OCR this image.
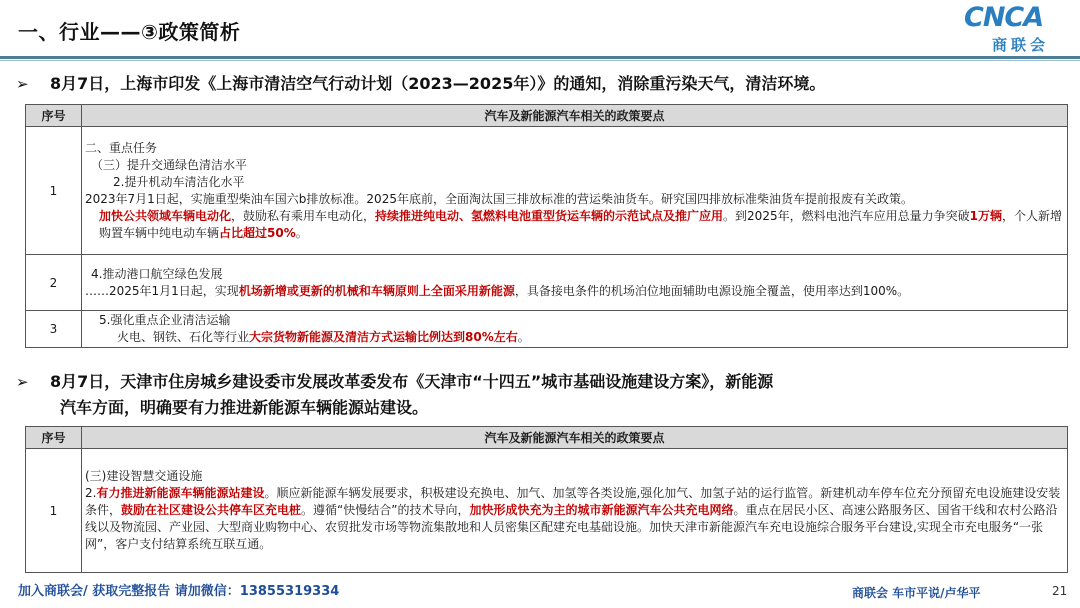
一、行业——③政策简析	CNCA
商联会
➢ 8月7日，上海市印发《上海市清洁空气行动计划（2023—2025年）》的通知，消除重污染天气，清洁环境。
序号	汽车及新能源汽车相关的政策要点
1	二、重点任务
（三）提升交通绿色清洁水平
2.提升机动车清洁化水平
2023年7月1日起，实施重型柴油车国六b排放标准。2025年底前，全面淘汰国三排放标准的营运柴油货车。研究国四排放标准柴油货车提前报废有关政策。
加快公共领域车辆电动化，鼓励私有乘用车电动化，持续推进纯电动、氢燃料电池重型货运车辆的示范试点及推广应用。到2025年，燃料电池汽车应用总量力争突破1万辆，个人新增购置车辆中纯电动车辆占比超过50%。

2	4.推动港口航空绿色发展
……2025年1月1日起，实现机场新增或更新的机械和车辆原则上全面采用新能源，具备接电条件的机场泊位地面辅助电源设施全覆盖，使用率达到100%。

3	5.强化重点企业清洁运输
火电、钢铁、石化等行业大宗货物新能源及清洁方式运输比例达到80%左右。
➢ 8月7日，天津市住房城乡建设委市发展改革委发布《天津市“十四五”城市基础设施建设方案》，新能源
汽车方面，明确要有力推进新能源车辆能源站建设。
序号	汽车及新能源汽车相关的政策要点
1	(三)建设智慧交通设施
2.有力推进新能源车辆能源站建设。顺应新能源车辆发展要求，积极建设充换电、加气、加氢等各类设施,强化加气、加氢子站的运行监管。新建机动车停车位充分预留充电设施建设安装条件，鼓励在社区建设公共停车区充电桩。遵循“快慢结合”的技术导向，加快形成快充为主的城市新能源汽车公共充电网络。重点在居民小区、高速公路服务区、国省干线和农村公路沿线以及物流园、产业园、大型商业购物中心、农贸批发市场等物流集散地和人员密集区配建充电基础设施。加快天津市新能源汽车充电设施综合服务平台建设,实现全市充电服务“一张网”，客户支付结算系统互联互通。
加入商联会/ 获取完整报告 请加微信：13855319334	商联会 车市平说/卢华平	21
